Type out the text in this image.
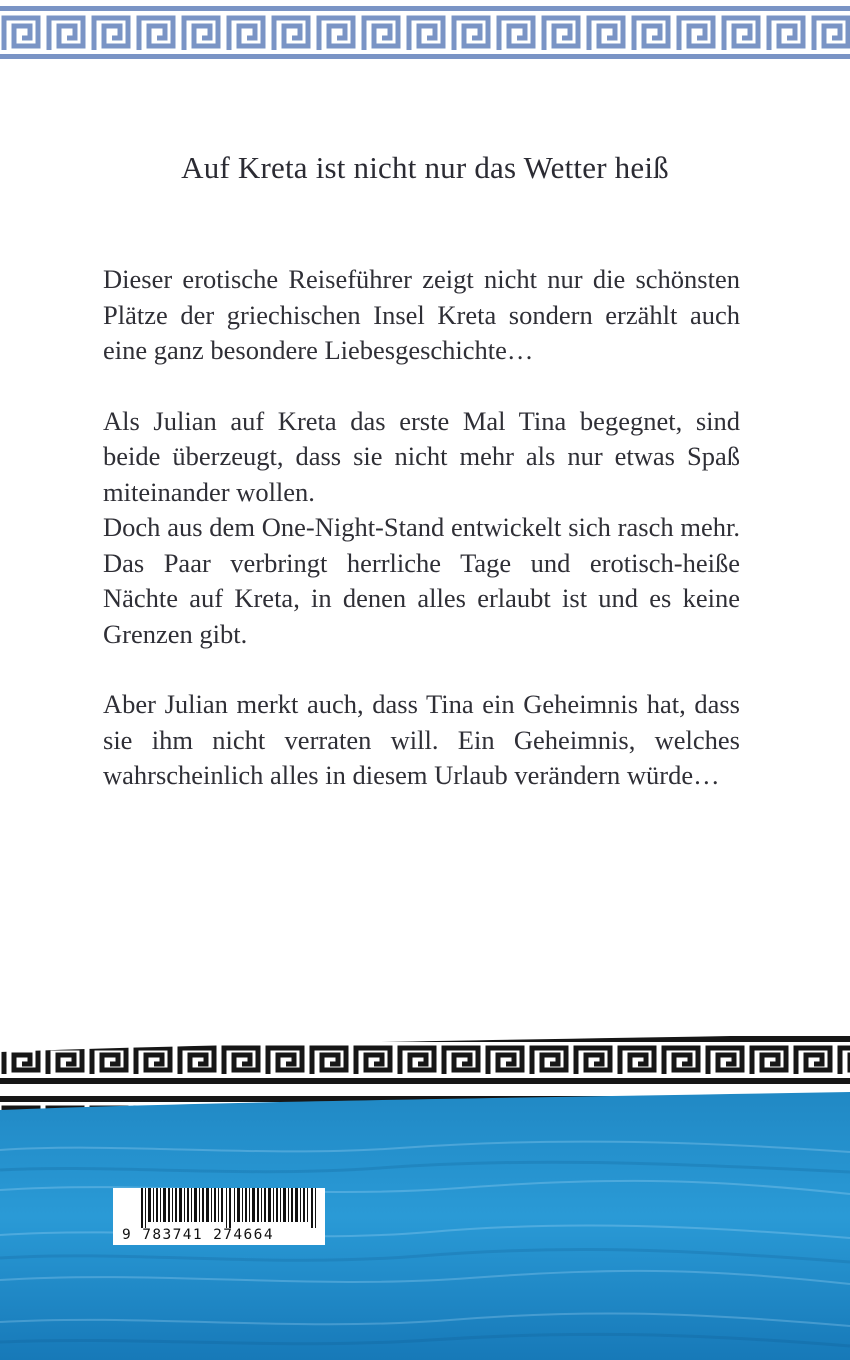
Auf Kreta ist nicht nur das Wetter heiß

Dieser erotische Reiseführer zeigt nicht nur die schönsten Plätze der griechischen Insel Kreta sondern erzählt auch eine ganz besondere Liebesgeschichte…

Als Julian auf Kreta das erste Mal Tina begegnet, sind beide überzeugt, dass sie nicht mehr als nur etwas Spaß miteinander wollen.

Doch aus dem One-Night-Stand entwickelt sich rasch mehr. Das Paar verbringt herrliche Tage und erotisch-heiße Nächte auf Kreta, in denen alles erlaubt ist und es keine Grenzen gibt.

Aber Julian merkt auch, dass Tina ein Geheimnis hat, dass sie ihm nicht verraten will. Ein Geheimnis, welches wahrscheinlich alles in diesem Urlaub verändern würde…

9 783741 274664
